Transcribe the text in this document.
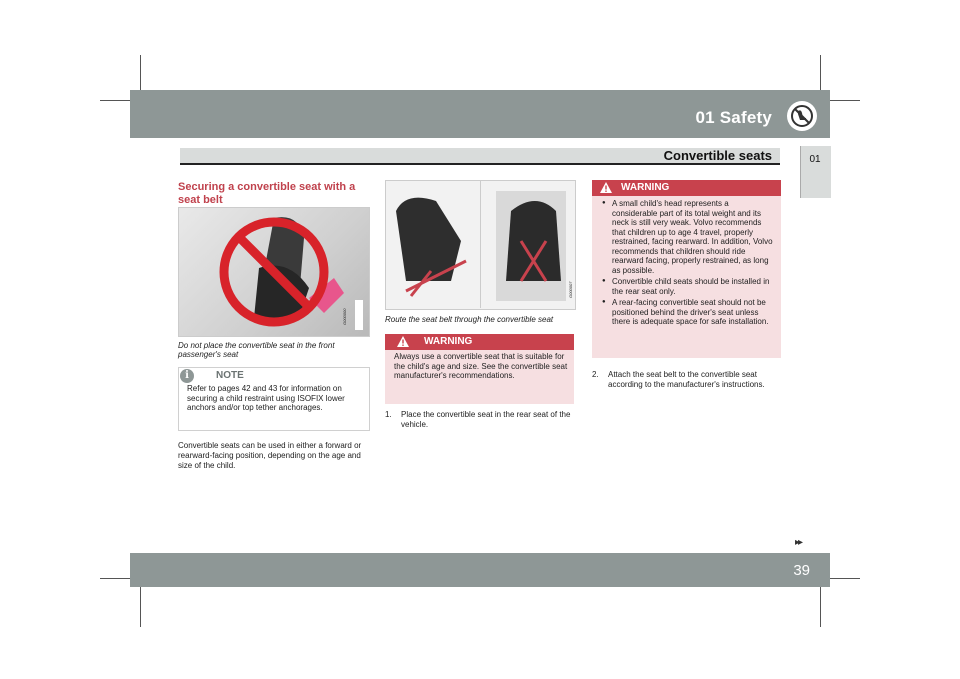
01 Safety
Convertible seats	01
Securing a convertible seat with a seat belt
G000000
Do not place the convertible seat in the front passenger's seat
i	NOTE
Refer to pages 42 and 43 for information on securing a child restraint using ISOFIX lower anchors and/or top tether anchorages.
Convertible seats can be used in either a forward or rearward-facing position, depending on the age and size of the child.
G000007
Route the seat belt through the convertible seat
WARNING
Always use a convertible seat that is suitable for the child's age and size. See the convertible seat manufacturer's recommendations.
1. Place the convertible seat in the rear seat of the vehicle.
WARNING
● A small child's head represents a considerable part of its total weight and its neck is still very weak. Volvo recommends that children up to age 4 travel, properly restrained, facing rearward. In addition, Volvo recommends that children should ride rearward facing, properly restrained, as long as possible.
● Convertible child seats should be installed in the rear seat only.
● A rear-facing convertible seat should not be positioned behind the driver's seat unless there is adequate space for safe installation.
2. Attach the seat belt to the convertible seat according to the manufacturer's instructions.
▸▸
39
